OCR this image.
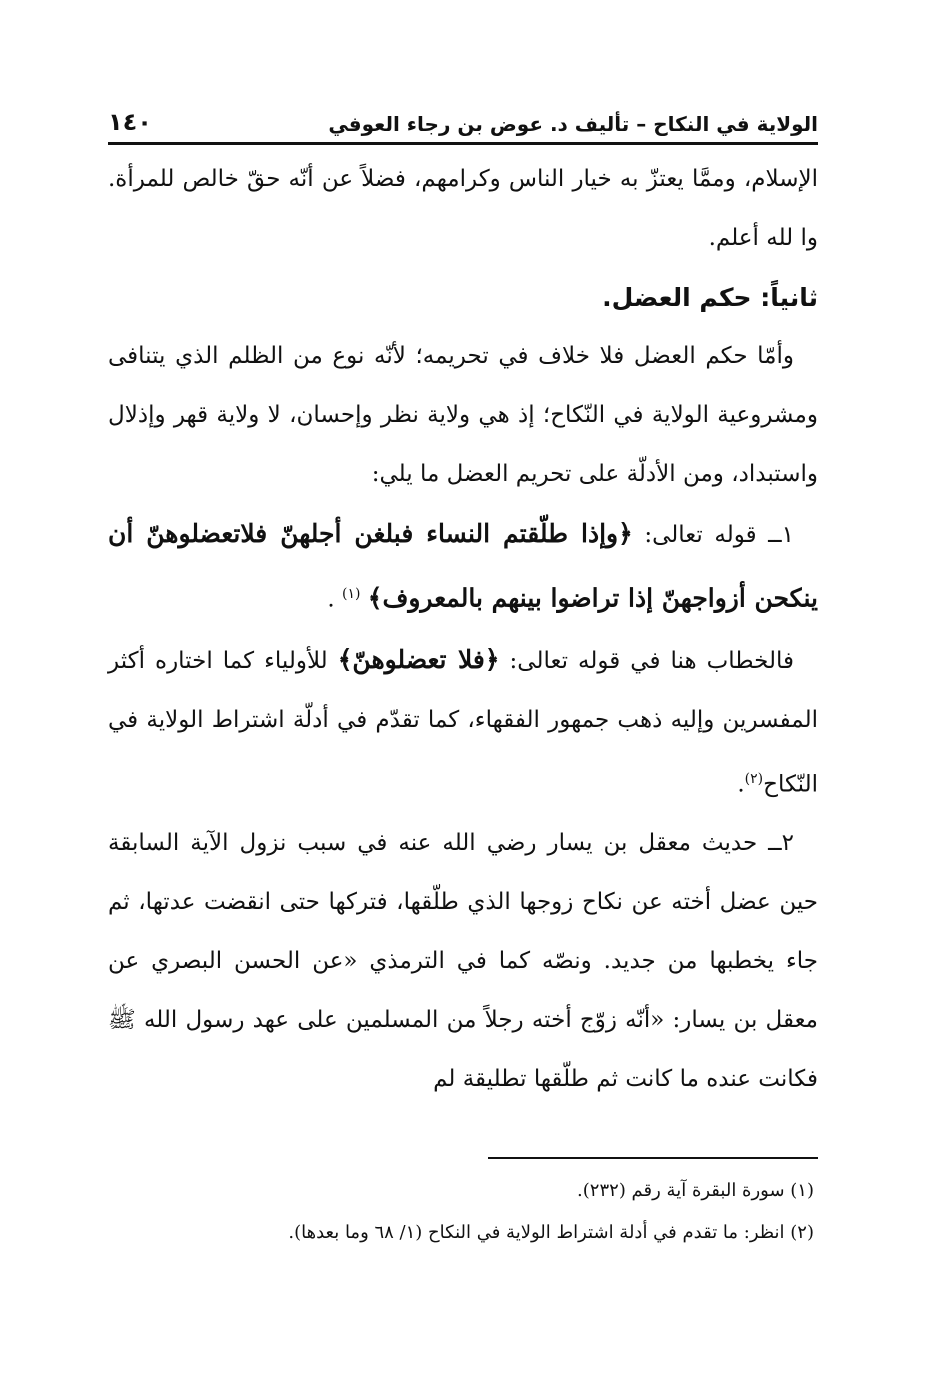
الولاية في النكاح – تأليف د. عوض بن رجاء العوفي
١٤٠

الإسلام، وممَّا يعتزّ به خيار الناس وكرامهم، فضلاً عن أنّه حقّ خالص للمرأة. وا لله أعلم.

ثانياً: حكم العضل.

وأمّا حكم العضل فلا خلاف في تحريمه؛ لأنّه نوع من الظلم الذي يتنافى ومشروعية الولاية في النّكاح؛ إذ هي ولاية نظر وإحسان، لا ولاية قهر وإذلال واستبداد، ومن الأدلّة على تحريم العضل ما يلي:

١ــ قوله تعالى: ﴿وإذا طلّقتم النساء فبلغن أجلهنّ فلاتعضلوهنّ أن ينكحن أزواجهنّ إذا تراضوا بينهم بالمعروف﴾ $^{(١)}$ .

فالخطاب هنا في قوله تعالى: ﴿فلا تعضلوهنّ﴾ للأولياء كما اختاره أكثر المفسرين وإليه ذهب جمهور الفقهاء، كما تقدّم في أدلّة اشتراط الولاية في النّكاح$^{(٢)}$.

٢ــ حديث معقل بن يسار رضي الله عنه في سبب نزول الآية السابقة حين عضل أخته عن نكاح زوجها الذي طلّقها، فتركها حتى انقضت عدتها، ثم جاء يخطبها من جديد. ونصّه كما في الترمذي «عن الحسن البصري عن معقل بن يسار: «أنّه زوّج أخته رجلاً من المسلمين على عهد رسول الله ﷺ فكانت عنده ما كانت ثم طلّقها تطليقة لم

(١) سورة البقرة آية رقم (٢٣٢).

(٢) انظر: ما تقدم في أدلة اشتراط الولاية في النكاح (١/ ٦٨ وما بعدها).
